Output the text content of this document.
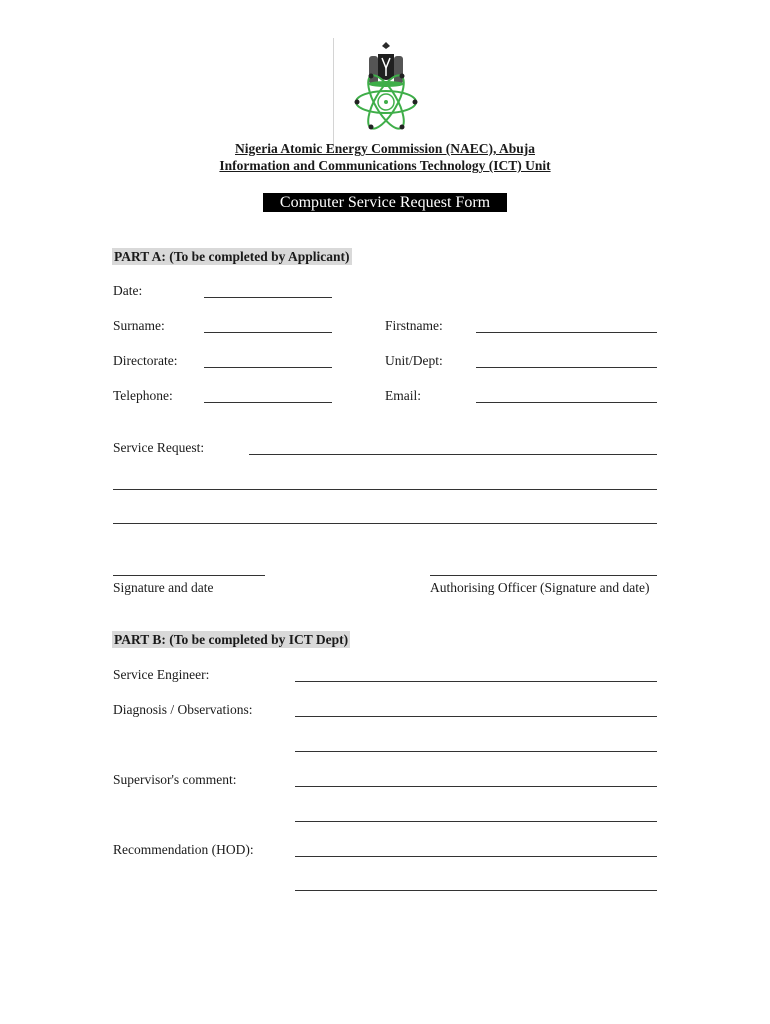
Nigeria Atomic Energy Commission (NAEC), Abuja
Information and Communications Technology (ICT) Unit
Computer Service Request Form
PART A: (To be completed by Applicant)
Date:
Surname:	Firstname:
Directorate:	Unit/Dept:
Telephone:	Email:
Service Request:
Signature and date	Authorising Officer (Signature and date)
PART B: (To be completed by ICT Dept)
Service Engineer:
Diagnosis / Observations:
Supervisor's comment:
Recommendation (HOD):
